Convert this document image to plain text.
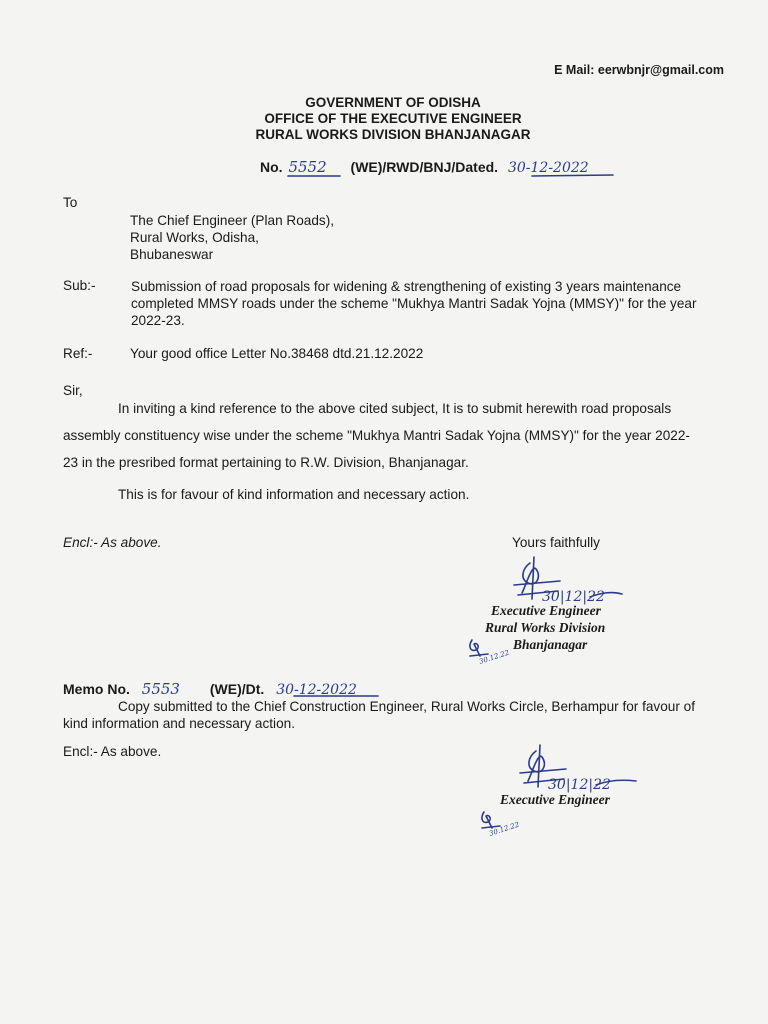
E Mail: eerwbnjr@gmail.com
GOVERNMENT OF ODISHA
OFFICE OF THE EXECUTIVE ENGINEER
RURAL WORKS DIVISION BHANJANAGAR
No. 5552 (WE)/RWD/BNJ/Dated. 30-12-2022
To
The Chief Engineer (Plan Roads),
Rural Works, Odisha,
Bhubaneswar
Sub:-	Submission of road proposals for widening & strengthening of existing 3 years maintenance
completed MMSY roads under the scheme "Mukhya Mantri Sadak Yojna (MMSY)" for the year
2022-23.
Ref:-	Your good office Letter No.38468 dtd.21.12.2022
Sir,
In inviting a kind reference to the above cited subject, It is to submit herewith road proposals
assembly constituency wise under the scheme "Mukhya Mantri Sadak Yojna (MMSY)" for the year 2022-
23 in the presribed format pertaining to R.W. Division, Bhanjanagar.
This is for favour of kind information and necessary action.
Encl:- As above.	Yours faithfully
30|12|22
Executive Engineer
Rural Works Division
Bhanjanagar
30.12.22
Memo No. 5553 (WE)/Dt. 30-12-2022
Copy submitted to the Chief Construction Engineer, Rural Works Circle, Berhampur for favour of
kind information and necessary action.
Encl:- As above.
30|12|22
Executive Engineer
30.12.22
